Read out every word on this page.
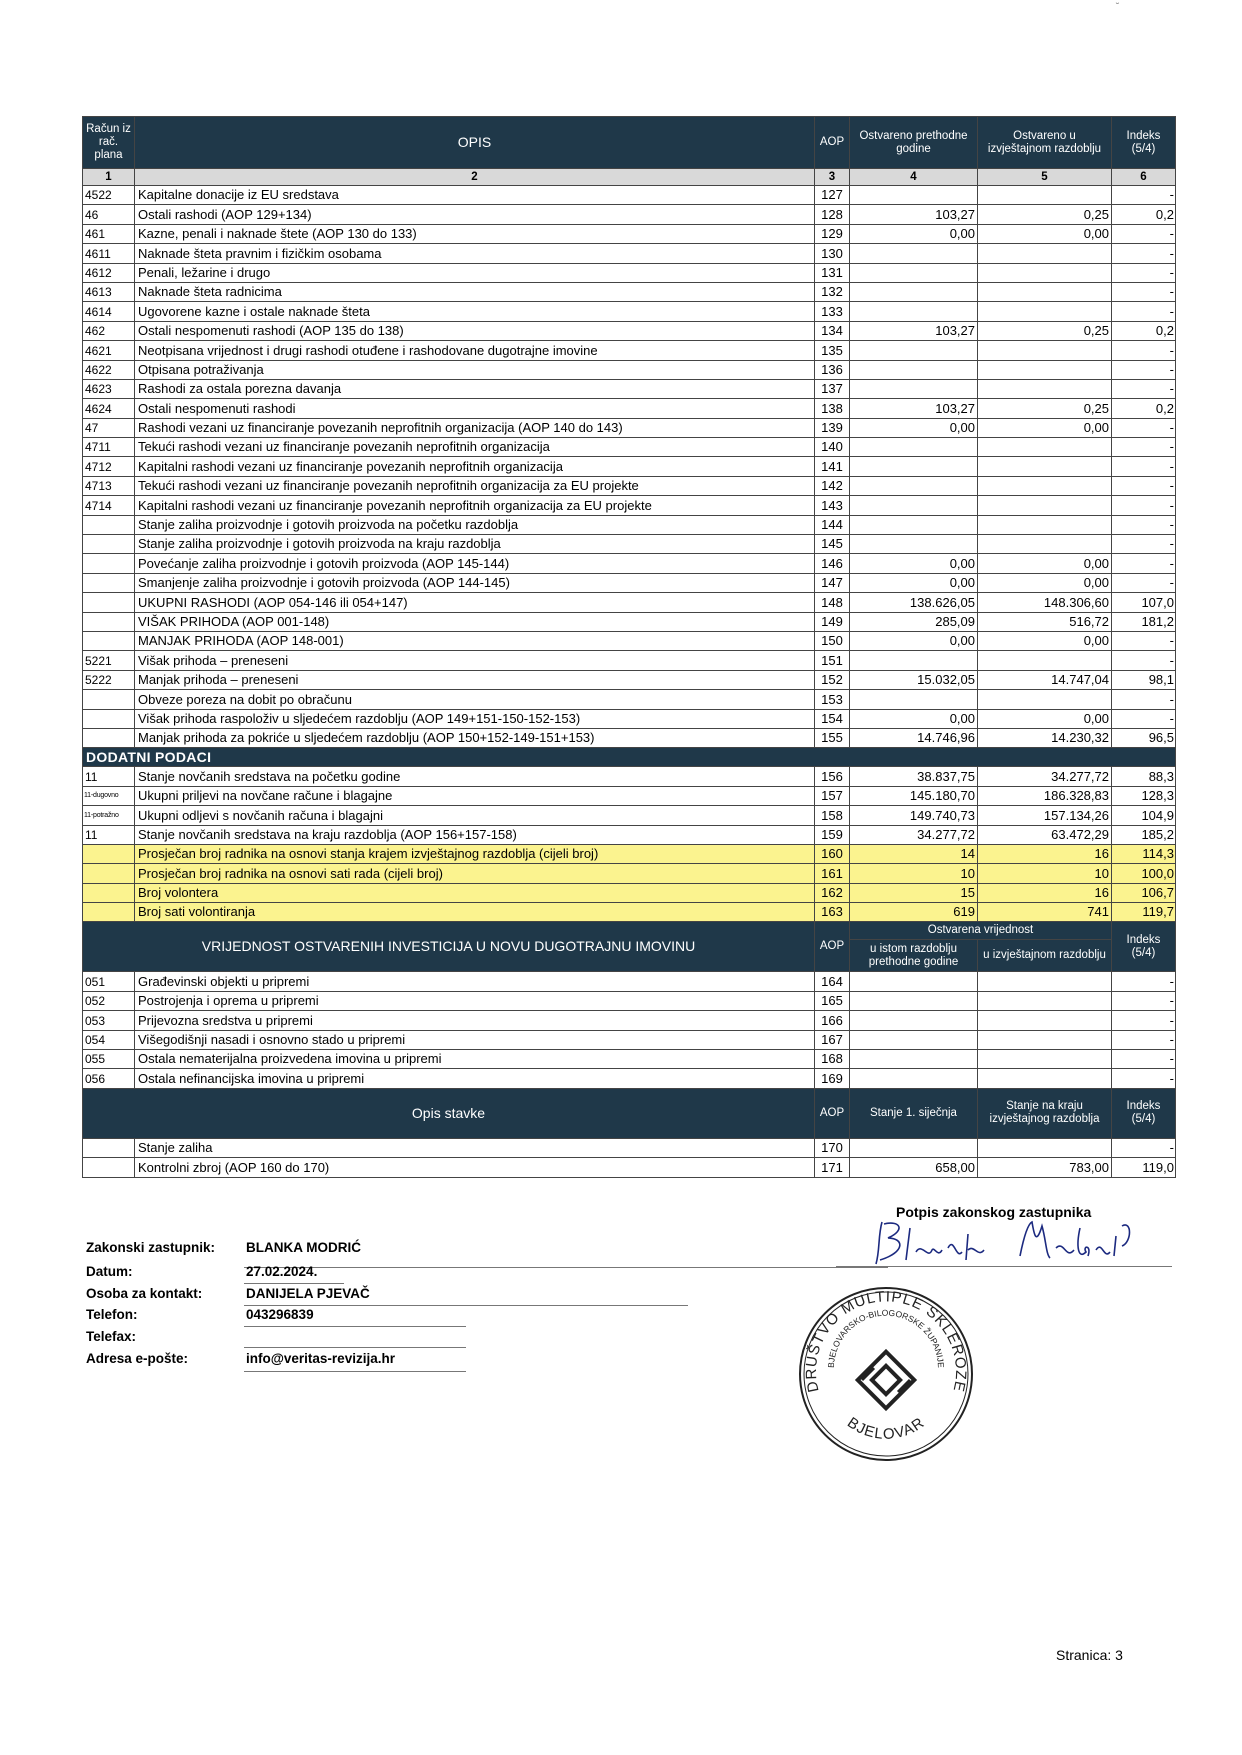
Račun iz rač. plana	OPIS	AOP	Ostvareno prethodne godine	Ostvareno u izvještajnom razdoblju	Indeks (5/4)
1	2	3	4	5	6
4522	Kapitalne donacije iz EU sredstava	127			-
46	Ostali rashodi (AOP 129+134)	128	103,27	0,25	0,2
461	Kazne, penali i naknade štete (AOP 130 do 133)	129	0,00	0,00	-
4611	Naknade šteta pravnim i fizičkim osobama	130			-
4612	Penali, ležarine i drugo	131			-
4613	Naknade šteta radnicima	132			-
4614	Ugovorene kazne i ostale naknade šteta	133			-
462	Ostali nespomenuti rashodi (AOP 135 do 138)	134	103,27	0,25	0,2
4621	Neotpisana vrijednost i drugi rashodi otuđene i rashodovane dugotrajne imovine	135			-
4622	Otpisana potraživanja	136			-
4623	Rashodi za ostala porezna davanja	137			-
4624	Ostali nespomenuti rashodi	138	103,27	0,25	0,2
47	Rashodi vezani uz financiranje povezanih neprofitnih organizacija (AOP 140 do 143)	139	0,00	0,00	-
4711	Tekući rashodi vezani uz financiranje povezanih neprofitnih organizacija	140			-
4712	Kapitalni rashodi vezani uz financiranje povezanih neprofitnih organizacija	141			-
4713	Tekući rashodi vezani uz financiranje povezanih neprofitnih organizacija za EU projekte	142			-
4714	Kapitalni rashodi vezani uz financiranje povezanih neprofitnih organizacija za EU projekte	143			-
	Stanje zaliha proizvodnje i gotovih proizvoda na početku razdoblja	144			-
	Stanje zaliha proizvodnje i gotovih proizvoda na kraju razdoblja	145			-
	Povećanje zaliha proizvodnje i gotovih proizvoda (AOP 145-144)	146	0,00	0,00	-
	Smanjenje zaliha proizvodnje i gotovih proizvoda (AOP 144-145)	147	0,00	0,00	-
	UKUPNI RASHODI (AOP 054-146 ili 054+147)	148	138.626,05	148.306,60	107,0
	VIŠAK PRIHODA (AOP 001-148)	149	285,09	516,72	181,2
	MANJAK PRIHODA (AOP 148-001)	150	0,00	0,00	-
5221	Višak prihoda – preneseni	151			-
5222	Manjak prihoda – preneseni	152	15.032,05	14.747,04	98,1
	Obveze poreza na dobit po obračunu	153			-
	Višak prihoda raspoloživ u sljedećem razdoblju (AOP 149+151-150-152-153)	154	0,00	0,00	-
	Manjak prihoda za pokriće u sljedećem razdoblju (AOP 150+152-149-151+153)	155	14.746,96	14.230,32	96,5
DODATNI PODACI					
11	Stanje novčanih sredstava na početku godine	156	38.837,75	34.277,72	88,3
11-dugovno	Ukupni priljevi na novčane račune i blagajne	157	145.180,70	186.328,83	128,3
11-potražno	Ukupni odljevi s novčanih računa i blagajni	158	149.740,73	157.134,26	104,9
11	Stanje novčanih sredstava na kraju razdoblja (AOP 156+157-158)	159	34.277,72	63.472,29	185,2
	Prosječan broj radnika na osnovi stanja krajem izvještajnog razdoblja (cijeli broj)	160	14	16	114,3
	Prosječan broj radnika na osnovi sati rada (cijeli broj)	161	10	10	100,0
	Broj volontera	162	15	16	106,7
	Broj sati volontiranja	163	619	741	119,7
VRIJEDNOST OSTVARENIH INVESTICIJA U NOVU DUGOTRAJNU IMOVINU		AOP	Ostvarena vrijednost		Indeks (5/4)
			u istom razdoblju prethodne godine	u izvještajnom razdoblju	
051	Građevinski objekti u pripremi	164			-
052	Postrojenja i oprema u pripremi	165			-
053	Prijevozna sredstva u pripremi	166			-
054	Višegodišnji nasadi i osnovno stado u pripremi	167			-
055	Ostala nematerijalna proizvedena imovina u pripremi	168			-
056	Ostala nefinancijska imovina u pripremi	169			-
Opis stavke		AOP	Stanje 1. siječnja	Stanje na kraju izvještajnog razdoblja	Indeks (5/4)
	Stanje zaliha	170			-
	Kontrolni zbroj (AOP 160 do 170)	171	658,00	783,00	119,0
Zakonski zastupnik: BLANKA MODRIĆ
Datum:	27.02.2024.
Osoba za kontakt:	DANIJELA PJEVAČ
Telefon:	043296839
Telefax:
Adresa e-pošte:	info@veritas-revizija.hr
Potpis zakonskog zastupnika
DRUŠTVO MULTIPLE SKLEROZE
BJELOVARSKO-BILOGORSKE ŽUPANIJE
BJELOVAR
Stranica: 3
˘
